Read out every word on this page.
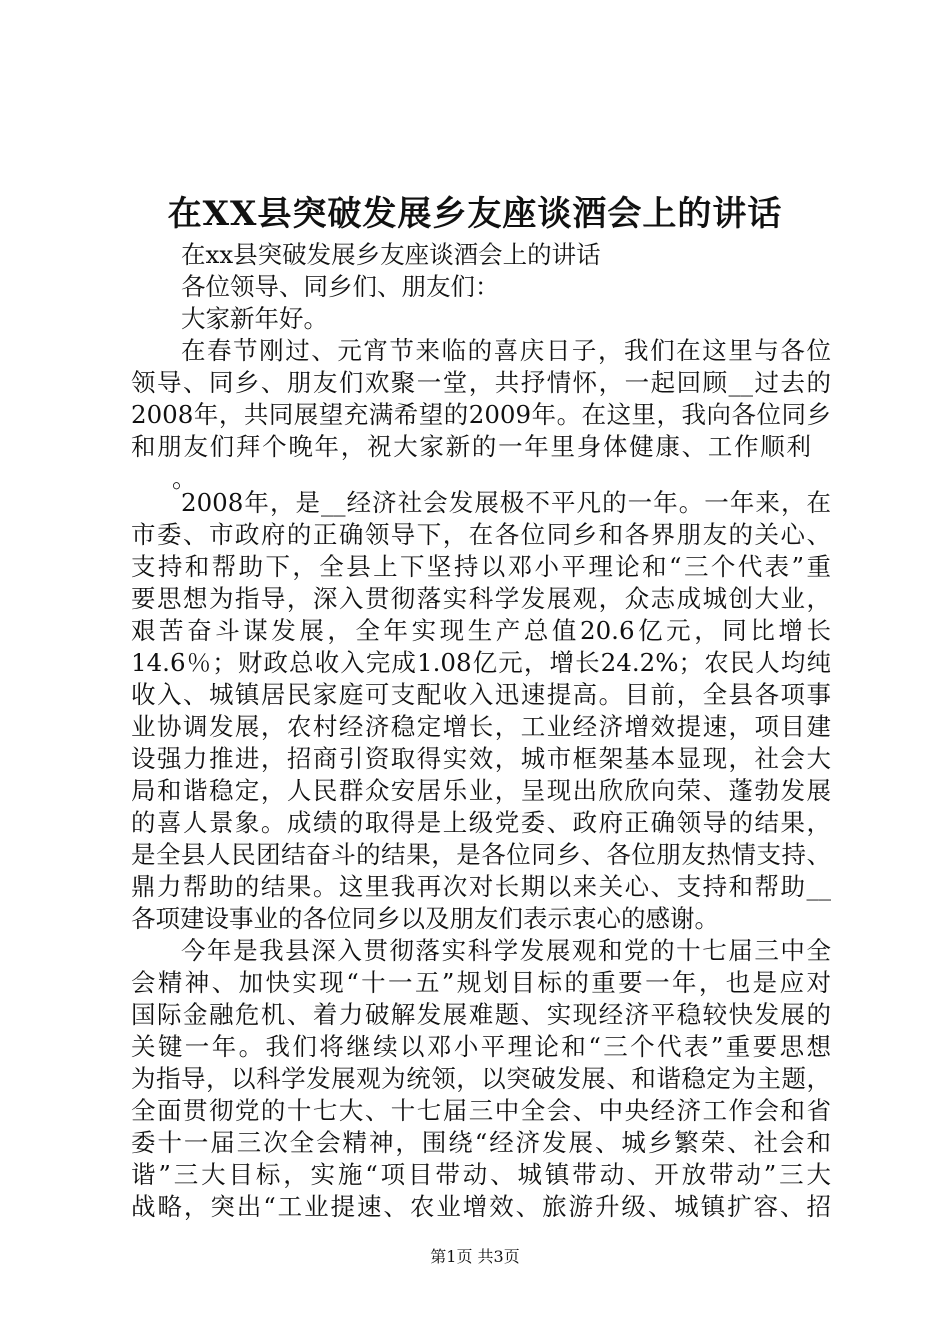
在XX县突破发展乡友座谈酒会上的讲话
在xx县突破发展乡友座谈酒会上的讲话
各位领导、同乡们、朋友们：
大家新年好。
在春节刚过、元宵节来临的喜庆日子，我们在这里与各位
领导、同乡、朋友们欢聚一堂，共抒情怀，一起回顾__过去的
2008年，共同展望充满希望的2009年。在这里，我向各位同乡
和朋友们拜个晚年，祝大家新的一年里身体健康、工作顺利
。
2008年，是__经济社会发展极不平凡的一年。一年来，在
市委、市政府的正确领导下，在各位同乡和各界朋友的关心、
支持和帮助下，全县上下坚持以邓小平理论和“三个代表”重
要思想为指导，深入贯彻落实科学发展观，众志成城创大业，
艰苦奋斗谋发展，全年实现生产总值20.6亿元，同比增长
14.6％；财政总收入完成1.08亿元，增长24.2%；农民人均纯
收入、城镇居民家庭可支配收入迅速提高。目前，全县各项事
业协调发展，农村经济稳定增长，工业经济增效提速，项目建
设强力推进，招商引资取得实效，城市框架基本显现，社会大
局和谐稳定，人民群众安居乐业，呈现出欣欣向荣、蓬勃发展
的喜人景象。成绩的取得是上级党委、政府正确领导的结果，
是全县人民团结奋斗的结果，是各位同乡、各位朋友热情支持、
鼎力帮助的结果。这里我再次对长期以来关心、支持和帮助__
各项建设事业的各位同乡以及朋友们表示衷心的感谢。
今年是我县深入贯彻落实科学发展观和党的十七届三中全
会精神、加快实现“十一五”规划目标的重要一年，也是应对
国际金融危机、着力破解发展难题、实现经济平稳较快发展的
关键一年。我们将继续以邓小平理论和“三个代表”重要思想
为指导，以科学发展观为统领，以突破发展、和谐稳定为主题，
全面贯彻党的十七大、十七届三中全会、中央经济工作会和省
委十一届三次全会精神，围绕“经济发展、城乡繁荣、社会和
谐”三大目标，实施“项目带动、城镇带动、开放带动”三大
战略，突出“工业提速、农业增效、旅游升级、城镇扩容、招
第1页 共3页
